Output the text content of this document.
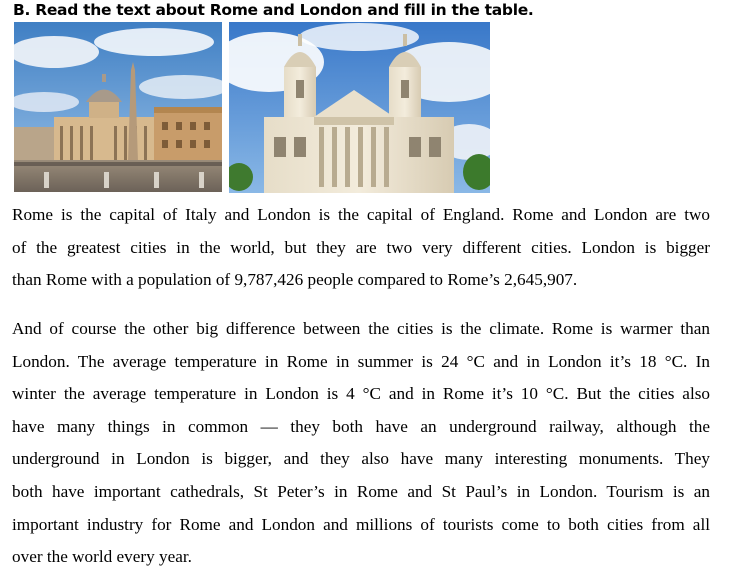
B. Read the text about Rome and London and fill in the table.
Rome is the capital of Italy and London is the capital of England. Rome and London are two
of the greatest cities in the world, but they are two very different cities. London is bigger
than Rome with a population of 9,787,426 people compared to Rome’s 2,645,907.
And of course the other big difference between the cities is the climate. Rome is warmer than
London. The average temperature in Rome in summer is 24 °C and in London it’s 18 °C. In
winter the average temperature in London is 4 °C and in Rome it’s 10 °C. But the cities also
have many things in common — they both have an underground railway, although the
underground in London is bigger, and they also have many interesting monuments. They
both have important cathedrals, St Peter’s in Rome and St Paul’s in London. Tourism is an
important industry for Rome and London and millions of tourists come to both cities from all
over the world every year.
